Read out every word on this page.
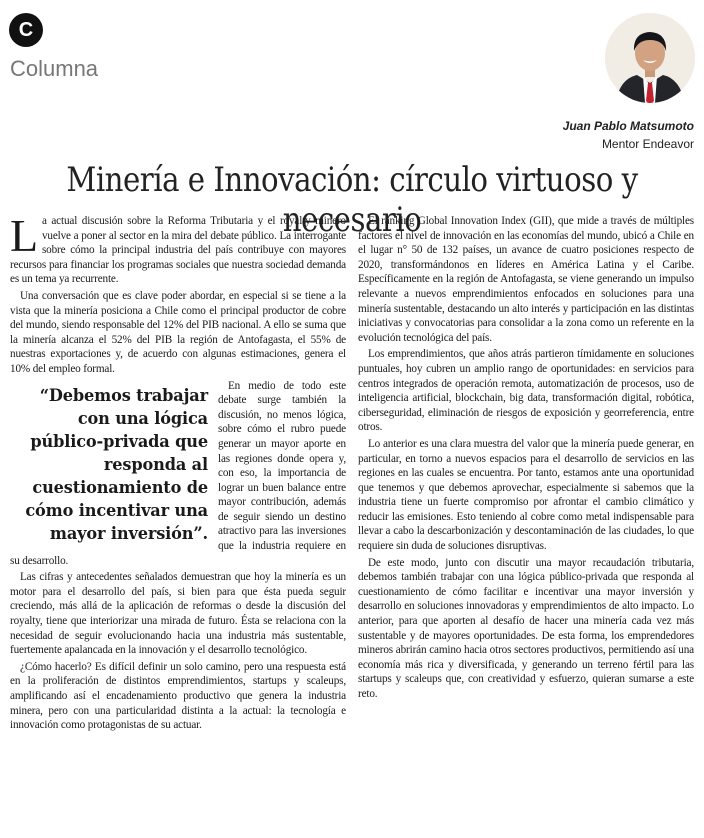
C
Columna
Juan Pablo Matsumoto
Mentor Endeavor
Minería e Innovación: círculo virtuoso y necesario

La actual discusión sobre la Reforma Tributaria y el royalty minero vuelve a poner al sector en la mira del debate público. La interrogante sobre cómo la principal industria del país contribuye con mayores recursos para financiar los programas sociales que nuestra sociedad demanda es un tema ya recurrente.

Una conversación que es clave poder abordar, en especial si se tiene a la vista que la minería posiciona a Chile como el principal productor de cobre del mundo, siendo responsable del 12% del PIB nacional. A ello se suma que la minería alcanza el 52% del PIB la región de Antofagasta, el 55% de nuestras exportaciones y, de acuerdo con algunas estimaciones, genera el 10% del empleo formal.

“Debemos trabajar con una lógica público-privada que responda al cuestionamiento de cómo incentivar una mayor inversión”.

En medio de todo este debate surge también la discusión, no menos lógica, sobre cómo el rubro puede generar un mayor aporte en las regiones donde opera y, con eso, la importancia de lograr un buen balance entre mayor contribución, además de seguir siendo un destino atractivo para las inversiones que la industria requiere en su desarrollo.

Las cifras y antecedentes señalados demuestran que hoy la minería es un motor para el desarrollo del país, si bien para que ésta pueda seguir creciendo, más allá de la aplicación de reformas o desde la discusión del royalty, tiene que interiorizar una mirada de futuro. Ésta se relaciona con la necesidad de seguir evolucionando hacia una industria más sustentable, fuertemente apalancada en la innovación y el desarrollo tecnológico.

¿Cómo hacerlo? Es difícil definir un solo camino, pero una respuesta está en la proliferación de distintos emprendimientos, startups y scaleups, amplificando así el encadenamiento productivo que genera la industria minera, pero con una particularidad distinta a la actual: la tecnología e innovación como protagonistas de su actuar.

El ranking Global Innovation Index (GII), que mide a través de múltiples factores el nivel de innovación en las economías del mundo, ubicó a Chile en el lugar n° 50 de 132 países, un avance de cuatro posiciones respecto de 2020, transformándonos en líderes en América Latina y el Caribe. Específicamente en la región de Antofagasta, se viene generando un impulso relevante a nuevos emprendimientos enfocados en soluciones para una minería sustentable, destacando un alto interés y participación en las distintas iniciativas y convocatorias para consolidar a la zona como un referente en la evolución tecnológica del país.

Los emprendimientos, que años atrás partieron tímidamente en soluciones puntuales, hoy cubren un amplio rango de oportunidades: en servicios para centros integrados de operación remota, automatización de procesos, uso de inteligencia artificial, blockchain, big data, transformación digital, robótica, ciberseguridad, eliminación de riesgos de exposición y georreferencia, entre otros.

Lo anterior es una clara muestra del valor que la minería puede generar, en particular, en torno a nuevos espacios para el desarrollo de servicios en las regiones en las cuales se encuentra. Por tanto, estamos ante una oportunidad que tenemos y que debemos aprovechar, especialmente si sabemos que la industria tiene un fuerte compromiso por afrontar el cambio climático y reducir las emisiones. Esto teniendo al cobre como metal indispensable para llevar a cabo la descarbonización y descontaminación de las ciudades, lo que requiere sin duda de soluciones disruptivas.

De este modo, junto con discutir una mayor recaudación tributaria, debemos también trabajar con una lógica público-privada que responda al cuestionamiento de cómo facilitar e incentivar una mayor inversión y desarrollo en soluciones innovadoras y emprendimientos de alto impacto. Lo anterior, para que aporten al desafío de hacer una minería cada vez más sustentable y de mayores oportunidades. De esta forma, los emprendedores mineros abrirán camino hacia otros sectores productivos, permitiendo así una economía más rica y diversificada, y generando un terreno fértil para las startups y scaleups que, con creatividad y esfuerzo, quieran sumarse a este reto.
